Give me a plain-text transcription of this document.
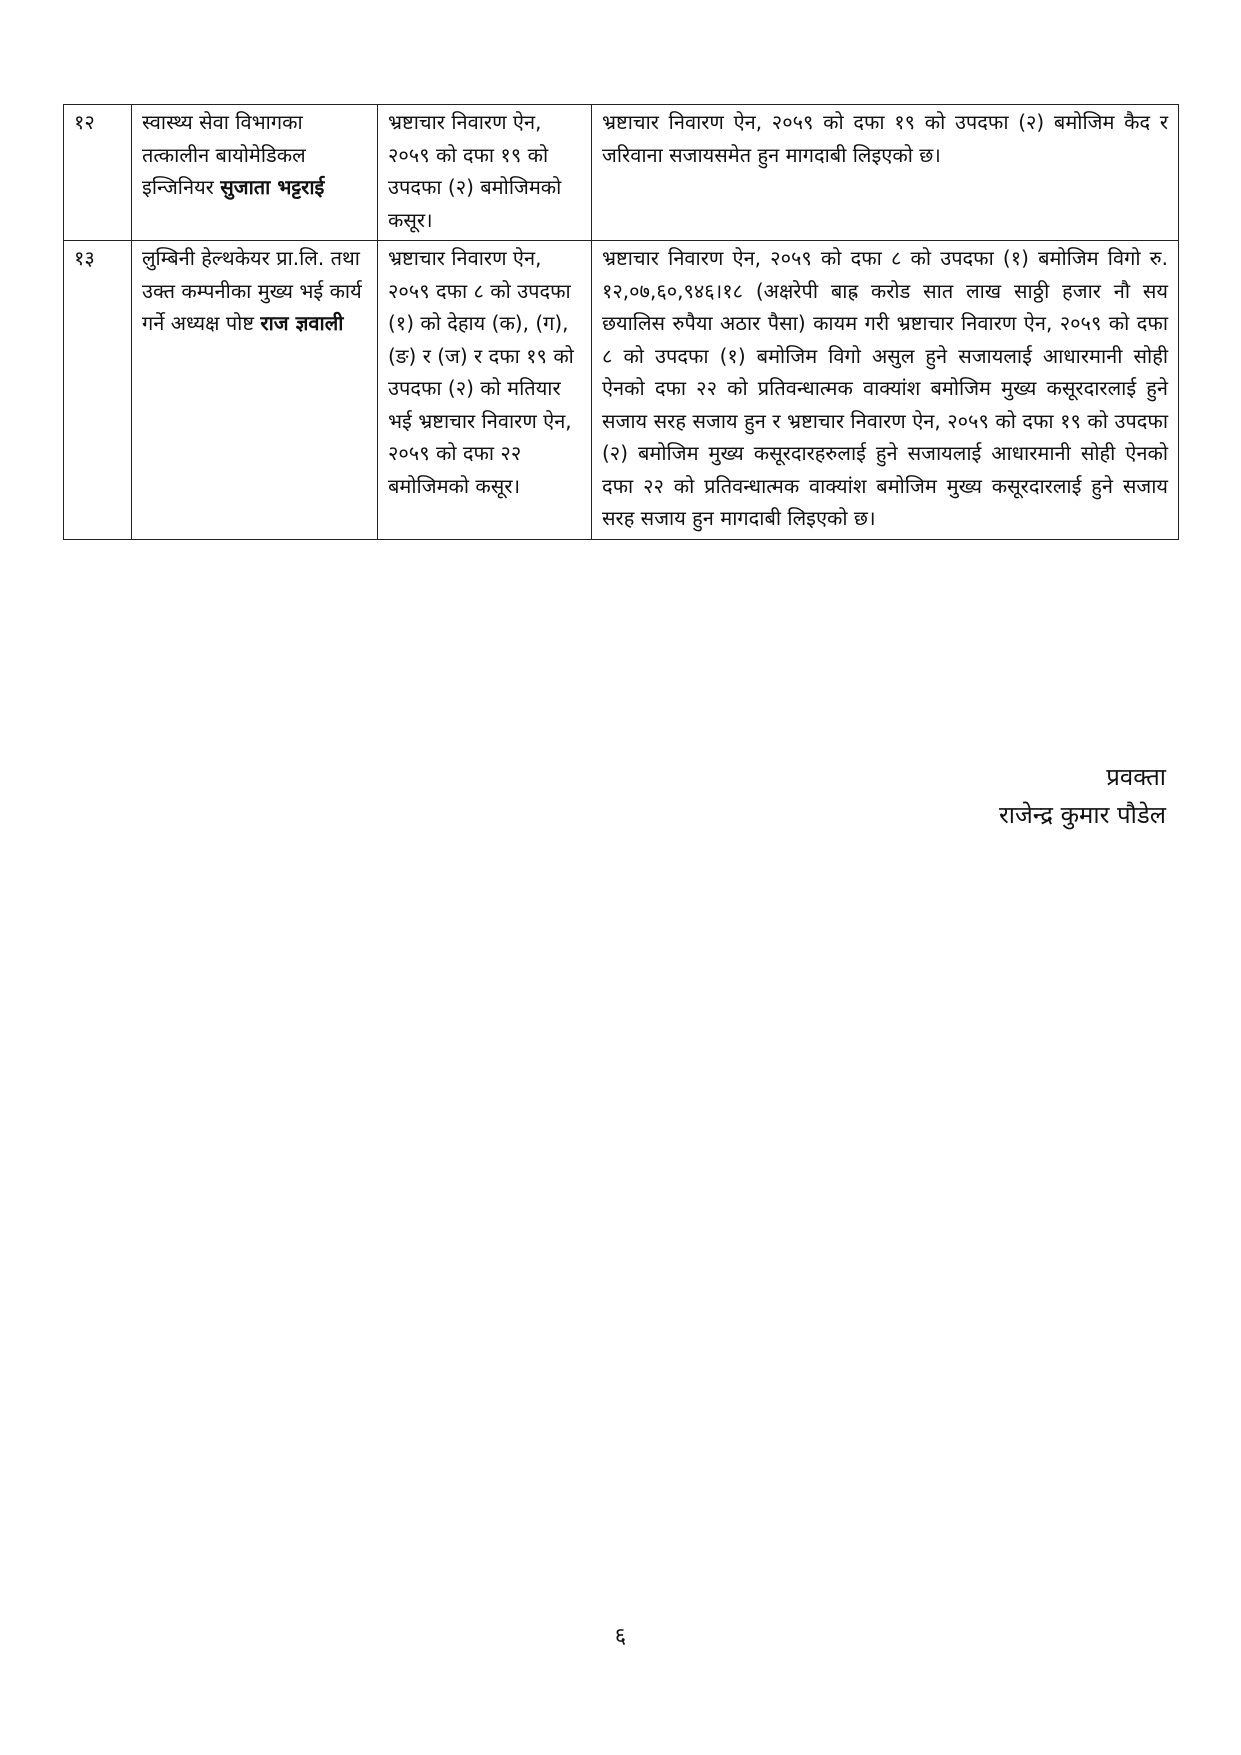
१२	स्वास्थ्य सेवा विभागका तत्कालीन बायोमेडिकल इन्जिनियर सुजाता भट्टराई	भ्रष्टाचार निवारण ऐन, २०५९ को दफा १९ को उपदफा (२) बमोजिमको कसूर।	भ्रष्टाचार निवारण ऐन, २०५९ को दफा १९ को उपदफा (२) बमोजिम कैद र जरिवाना सजायसमेत हुन मागदाबी लिइएको छ।
१३	लुम्बिनी हेल्थकेयर प्रा.लि. तथा उक्त कम्पनीका मुख्य भई कार्य गर्ने अध्यक्ष पोष्ट राज ज्ञवाली	भ्रष्टाचार निवारण ऐन, २०५९ दफा ८ को उपदफा (१) को देहाय (क), (ग), (ङ) र (ज) र दफा १९ को उपदफा (२) को मतियार भई भ्रष्टाचार निवारण ऐन, २०५९ को दफा २२ बमोजिमको कसूर।	भ्रष्टाचार निवारण ऐन, २०५९ को दफा ८ को उपदफा (१) बमोजिम विगो रु. १२,०७,६०,९४६।१८ (अक्षरेपी बाह्र करोड सात लाख साठ्ठी हजार नौ सय छयालिस रुपैया अठार पैसा) कायम गरी भ्रष्टाचार निवारण ऐन, २०५९ को दफा ८ को उपदफा (१) बमोजिम विगो असुल हुने सजायलाई आधारमानी सोही ऐनको दफा २२ को प्रतिवन्धात्मक वाक्यांश बमोजिम मुख्य कसूरदारलाई हुने सजाय सरह सजाय हुन र भ्रष्टाचार निवारण ऐन, २०५९ को दफा १९ को उपदफा (२) बमोजिम मुख्य कसूरदारहरुलाई हुने सजायलाई आधारमानी सोही ऐनको दफा २२ को प्रतिवन्धात्मक वाक्यांश बमोजिम मुख्य कसूरदारलाई हुने सजाय सरह सजाय हुन मागदाबी लिइएको छ।
प्रवक्ता
राजेन्द्र कुमार पौडेल
६
